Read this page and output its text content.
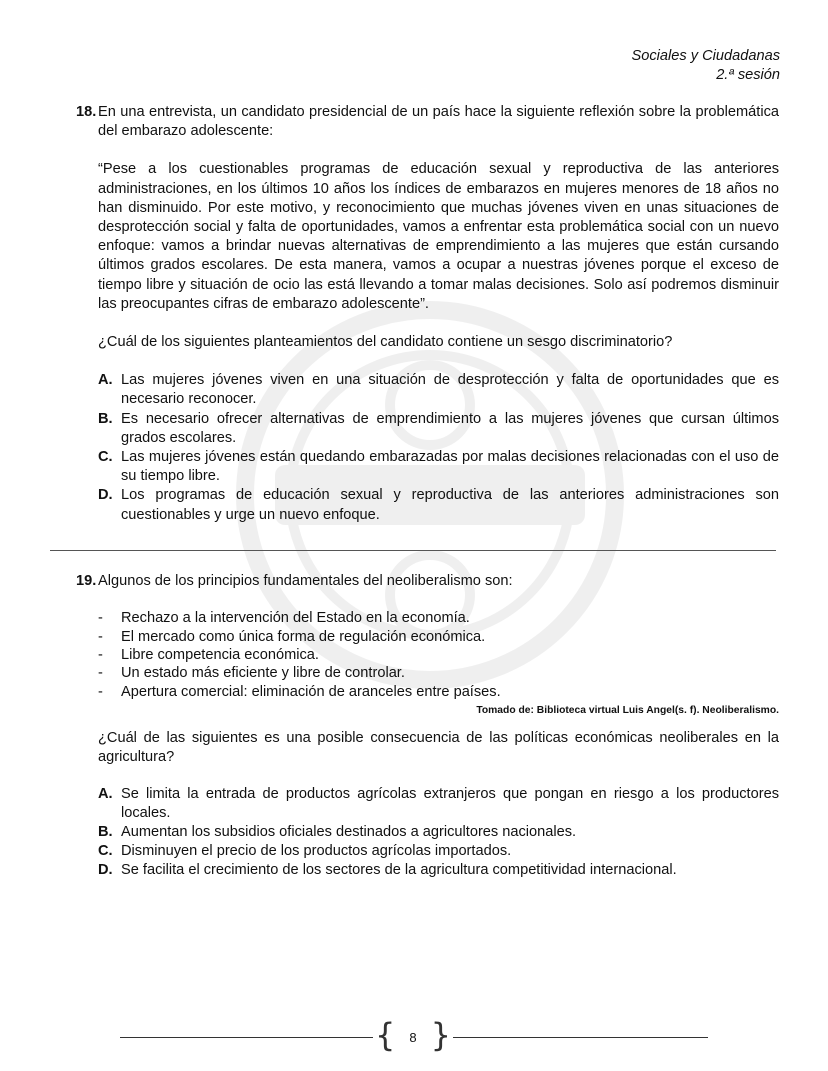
Sociales y Ciudadanas
2.ª sesión
18. En una entrevista, un candidato presidencial de un país hace la siguiente reflexión sobre la problemática del embarazo adolescente:
“Pese a los cuestionables programas de educación sexual y reproductiva de las anteriores administraciones, en los últimos 10 años los índices de embarazos en mujeres menores de 18 años no han disminuido. Por este motivo, y reconocimiento que muchas jóvenes viven en unas situaciones de desprotección social y falta de oportunidades, vamos a enfrentar esta problemática social con un nuevo enfoque: vamos a brindar nuevas alternativas de emprendimiento a las mujeres que están cursando últimos grados escolares. De esta manera, vamos a ocupar a nuestras jóvenes porque el exceso de tiempo libre y situación de ocio las está llevando a tomar malas decisiones. Solo así podremos disminuir las preocupantes cifras de embarazo adolescente”.
¿Cuál de los siguientes planteamientos del candidato contiene un sesgo discriminatorio?
A. Las mujeres jóvenes viven en una situación de desprotección y falta de oportunidades que es necesario reconocer.
B. Es necesario ofrecer alternativas de emprendimiento a las mujeres jóvenes que cursan últimos grados escolares.
C. Las mujeres jóvenes están quedando embarazadas por malas decisiones relacionadas con el uso de su tiempo libre.
D. Los programas de educación sexual y reproductiva de las anteriores administraciones son cuestionables y urge un nuevo enfoque.
19. Algunos de los principios fundamentales del neoliberalismo son:
- Rechazo a la intervención del Estado en la economía.
- El mercado como única forma de regulación económica.
- Libre competencia económica.
- Un estado más eficiente y libre de controlar.
- Apertura comercial: eliminación de aranceles entre países.
Tomado de: Biblioteca virtual Luis Angel(s. f). Neoliberalismo.
¿Cuál de las siguientes es una posible consecuencia de las políticas económicas neoliberales en la agricultura?
A. Se limita la entrada de productos agrícolas extranjeros que pongan en riesgo a los productores locales.
B. Aumentan los subsidios oficiales destinados a agricultores nacionales.
C. Disminuyen el precio de los productos agrícolas importados.
D. Se facilita el crecimiento de los sectores de la agricultura competitividad internacional.
{	8 }
